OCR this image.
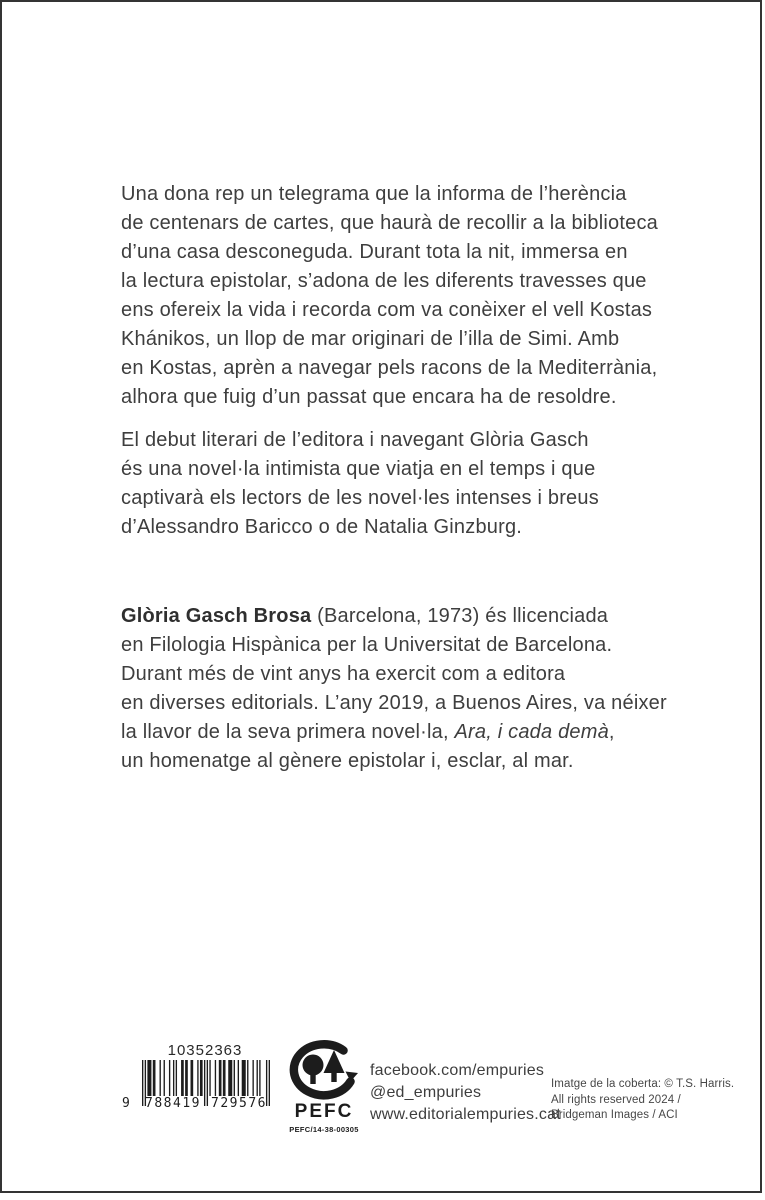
Una dona rep un telegrama que la informa de l’herència
de centenars de cartes, que haurà de recollir a la biblioteca
d’una casa desconeguda. Durant tota la nit, immersa en
la lectura epistolar, s’adona de les diferents travesses que
ens ofereix la vida i recorda com va conèixer el vell Kostas
Khánikos, un llop de mar originari de l’illa de Simi. Amb
en Kostas, aprèn a navegar pels racons de la Mediterrània,
alhora que fuig d’un passat que encara ha de resoldre.
El debut literari de l’editora i navegant Glòria Gasch
és una novel·la intimista que viatja en el temps i que
captivarà els lectors de les novel·les intenses i breus
d’Alessandro Baricco o de Natalia Ginzburg.
Glòria Gasch Brosa (Barcelona, 1973) és llicenciada
en Filologia Hispànica per la Universitat de Barcelona.
Durant més de vint anys ha exercit com a editora
en diverses editorials. L’any 2019, a Buenos Aires, va néixer
la llavor de la seva primera novel·la, Ara, i cada demà,
un homenatge al gènere epistolar i, esclar, al mar.
10352363
9	788419 729576	PEFC
PEFC/14-38-00305
facebook.com/empuries
@ed_empuries
www.editorialempuries.cat
Imatge de la coberta: © T.S. Harris.
All rights reserved 2024 /
Bridgeman Images / ACI
